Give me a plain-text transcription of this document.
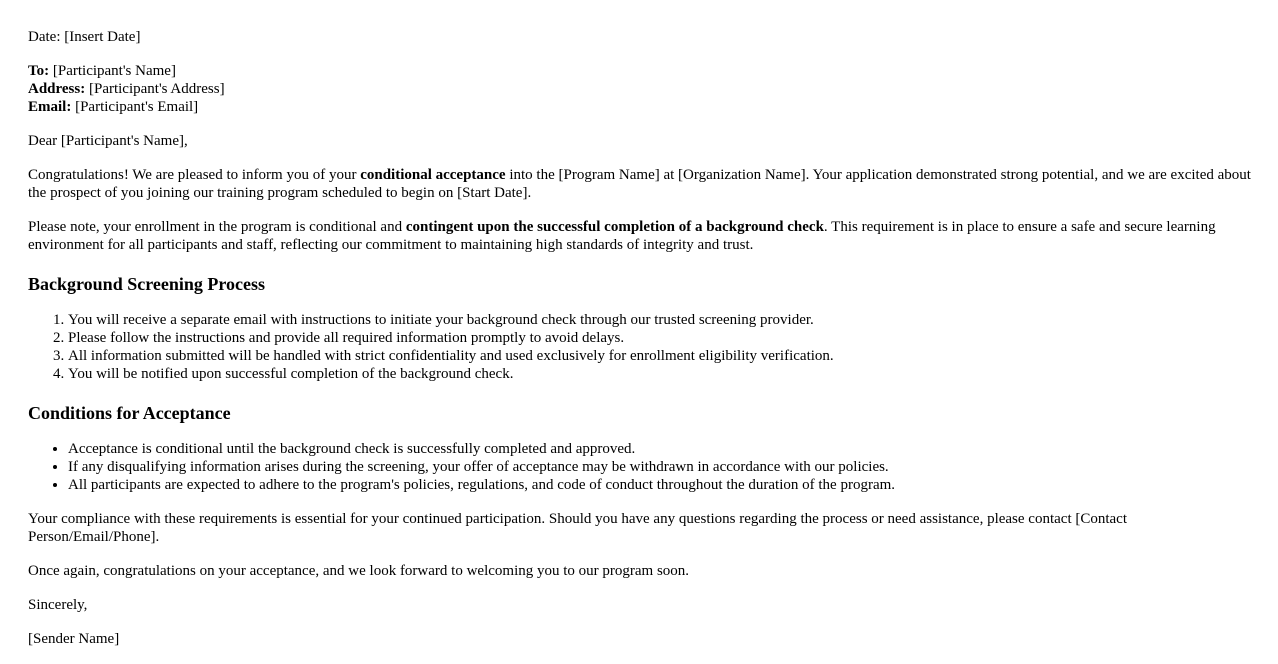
Date: [Insert Date]

To: [Participant's Name]
Address: [Participant's Address]
Email: [Participant's Email]

Dear [Participant's Name],

Congratulations! We are pleased to inform you of your conditional acceptance into the [Program Name] at [Organization Name]. Your application demonstrated strong potential, and we are excited about the prospect of you joining our training program scheduled to begin on [Start Date].

Please note, your enrollment in the program is conditional and contingent upon the successful completion of a background check. This requirement is in place to ensure a safe and secure learning environment for all participants and staff, reflecting our commitment to maintaining high standards of integrity and trust.

Background Screening Process
1. You will receive a separate email with instructions to initiate your background check through our trusted screening provider.
2. Please follow the instructions and provide all required information promptly to avoid delays.
3. All information submitted will be handled with strict confidentiality and used exclusively for enrollment eligibility verification.
4. You will be notified upon successful completion of the background check.
Conditions for Acceptance
• Acceptance is conditional until the background check is successfully completed and approved.
• If any disqualifying information arises during the screening, your offer of acceptance may be withdrawn in accordance with our policies.
• All participants are expected to adhere to the program's policies, regulations, and code of conduct throughout the duration of the program.

Your compliance with these requirements is essential for your continued participation. Should you have any questions regarding the process or need assistance, please contact [Contact Person/Email/Phone].

Once again, congratulations on your acceptance, and we look forward to welcoming you to our program soon.

Sincerely,

[Sender Name]
